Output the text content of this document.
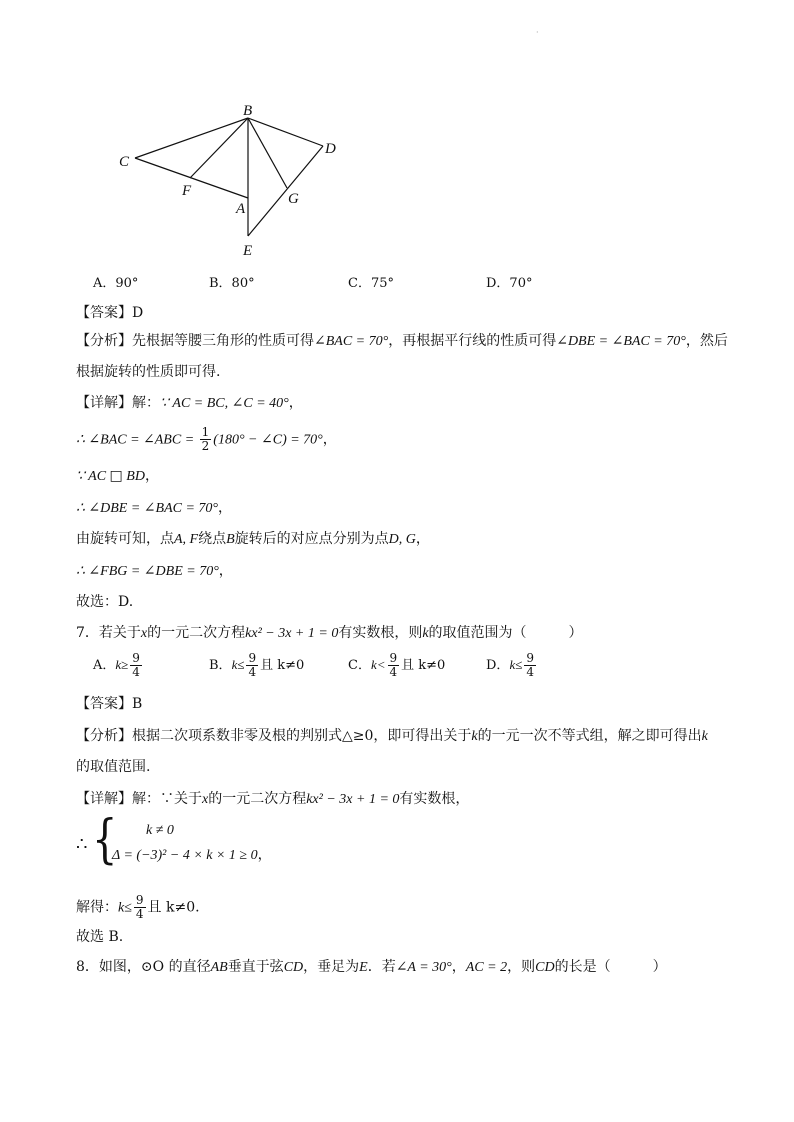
·
B
C
D
F
A
G
E
A．90°	B．80°	C．75°	D．70°
【答案】D
【分析】先根据等腰三角形的性质可得∠BAC = 70°，再根据平行线的性质可得∠DBE = ∠BAC = 70°，然后
根据旋转的性质即可得.
【详解】解：∵ AC = BC, ∠C = 40°，
∴ ∠BAC = ∠ABC = $\frac{1}{2} (180^\circ$ − ∠C) = 70°，
∵ AC □ BD，
∴ ∠DBE = ∠BAC = 70°，
由旋转可知，点A, F绕点B旋转后的对应点分别为点D, G，
∴ ∠FBG = ∠DBE = 70°，
故选：D.
7．若关于x的一元二次方程kx² − 3x + 1 = 0有实数根，则k的取值范围为（　　　）
A．$k\ge \frac{9}{4}$	B．$k\le \frac{9}{4}$ 且 k≠0	C．$k< \frac{9}{4}$ 且 k≠0	D．$k\le \frac{9}{4}$
【答案】B
【分析】根据二次项系数非零及根的判别式△≥0，即可得出关于k的一元一次不等式组，解之即可得出k
的取值范围.
【详解】解：∵关于x的一元二次方程kx² − 3x + 1 = 0有实数根，
∴ { k ≠ 0
Δ = (−3)² − 4 × k × 1 ≥ 0，
解得：$k\le \frac{9}{4}$ 且 k≠0.
故选 B.
8．如图，⊙O 的直径AB垂直于弦CD，垂足为E．若∠A = 30°，AC = 2，则CD的长是（　　　）
